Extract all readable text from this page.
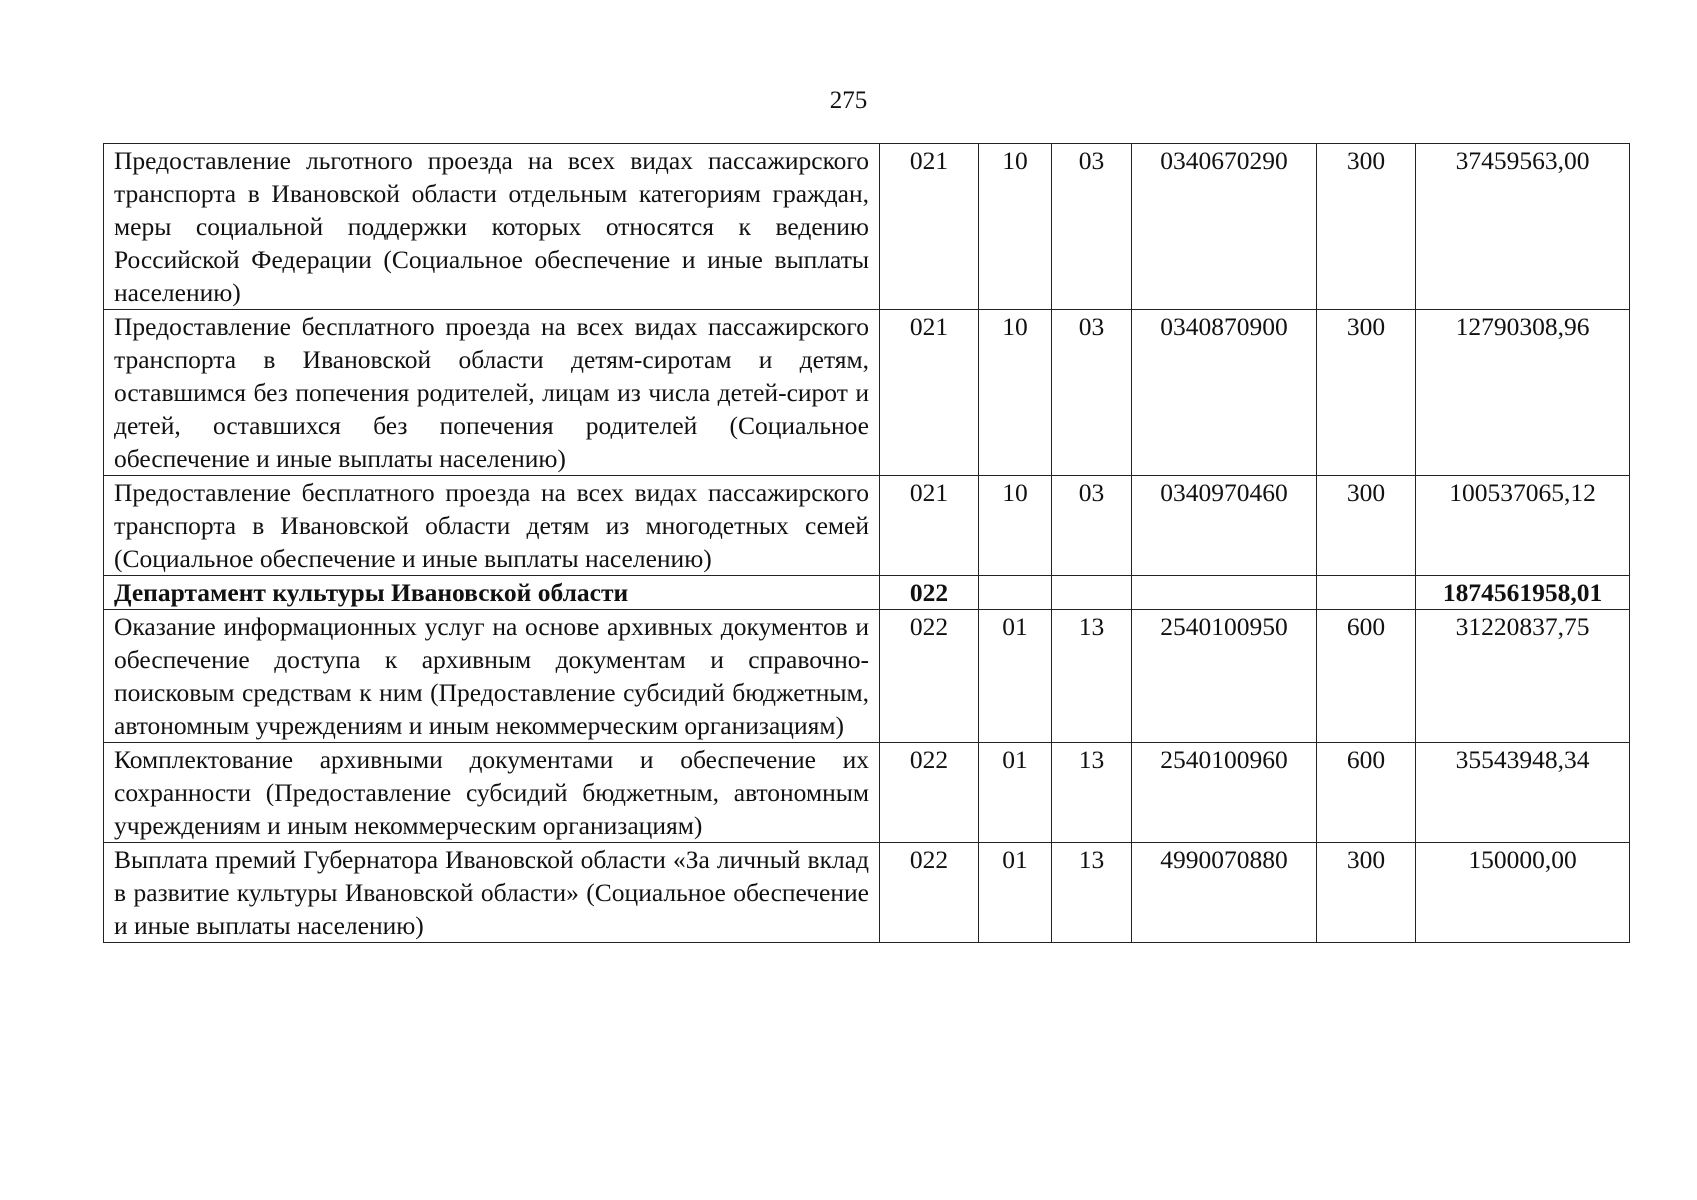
275
Предоставление льготного проезда на всех видах пассажирского транспорта в Ивановской области отдельным категориям граждан, меры социальной поддержки которых относятся к ведению Российской Федерации (Социальное обеспечение и иные выплаты населению)	021	10	03	0340670290	300	37459563,00
Предоставление бесплатного проезда на всех видах пассажирского транспорта в Ивановской области детям-сиротам и детям, оставшимся без попечения родителей, лицам из числа детей-сирот и детей, оставшихся без попечения родителей (Социальное обеспечение и иные выплаты населению)	021	10	03	0340870900	300	12790308,96
Предоставление бесплатного проезда на всех видах пассажирского транспорта в Ивановской области детям из многодетных семей (Социальное обеспечение и иные выплаты населению)	021	10	03	0340970460	300	100537065,12
Департамент культуры Ивановской области	022					1874561958,01
Оказание информационных услуг на основе архивных документов и обеспечение доступа к архивным документам и справочно-поисковым средствам к ним (Предоставление субсидий бюджетным, автономным учреждениям и иным некоммерческим организациям)	022	01	13	2540100950	600	31220837,75
Комплектование архивными документами и обеспечение их сохранности (Предоставление субсидий бюджетным, автономным учреждениям и иным некоммерческим организациям)	022	01	13	2540100960	600	35543948,34
Выплата премий Губернатора Ивановской области «За личный вклад в развитие культуры Ивановской области» (Социальное обеспечение и иные выплаты населению)	022	01	13	4990070880	300	150000,00
